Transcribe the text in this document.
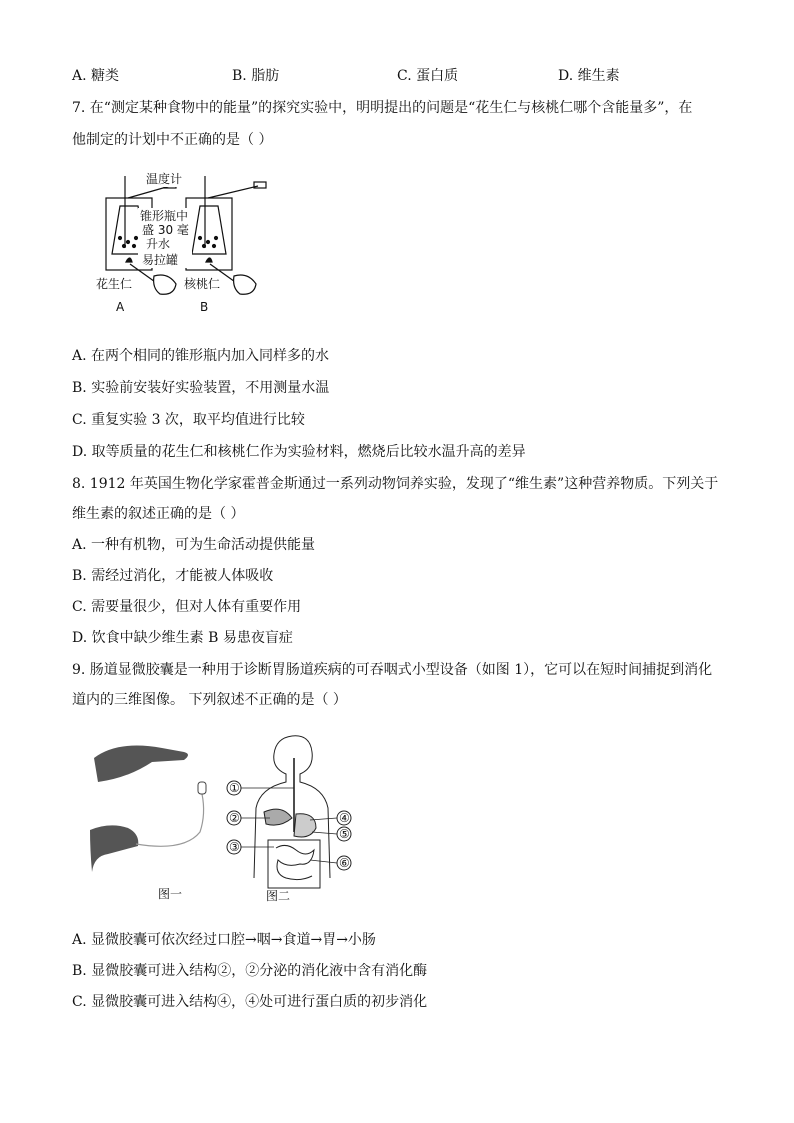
A. 糖类	B. 脂肪	C. 蛋白质	D. 维生素
7. 在“测定某种食物中的能量”的探究实验中，明明提出的问题是“花生仁与核桃仁哪个含能量多”，在
他制定的计划中不正确的是（ ）
温度计
锥形瓶中
盛 30 毫
升水
易拉罐
花生仁	核桃仁
A	B
A. 在两个相同的锥形瓶内加入同样多的水
B. 实验前安装好实验装置，不用测量水温
C. 重复实验 3 次，取平均值进行比较
D. 取等质量的花生仁和核桃仁作为实验材料，燃烧后比较水温升高的差异
8. 1912 年英国生物化学家霍普金斯通过一系列动物饲养实验，发现了“维生素”这种营养物质。下列关于
维生素的叙述正确的是（ ）
A. 一种有机物，可为生命活动提供能量
B. 需经过消化，才能被人体吸收
C. 需要量很少，但对人体有重要作用
D. 饮食中缺少维生素 B 易患夜盲症
9. 肠道显微胶囊是一种用于诊断胃肠道疾病的可吞咽式小型设备（如图 1），它可以在短时间捕捉到消化
道内的三维图像。 下列叙述不正确的是（ ）
图一
①
②
③
④
⑤
⑥
图二
A. 显微胶囊可依次经过口腔→咽→食道→胃→小肠
B. 显微胶囊可进入结构②，②分泌的消化液中含有消化酶
C. 显微胶囊可进入结构④，④处可进行蛋白质的初步消化
